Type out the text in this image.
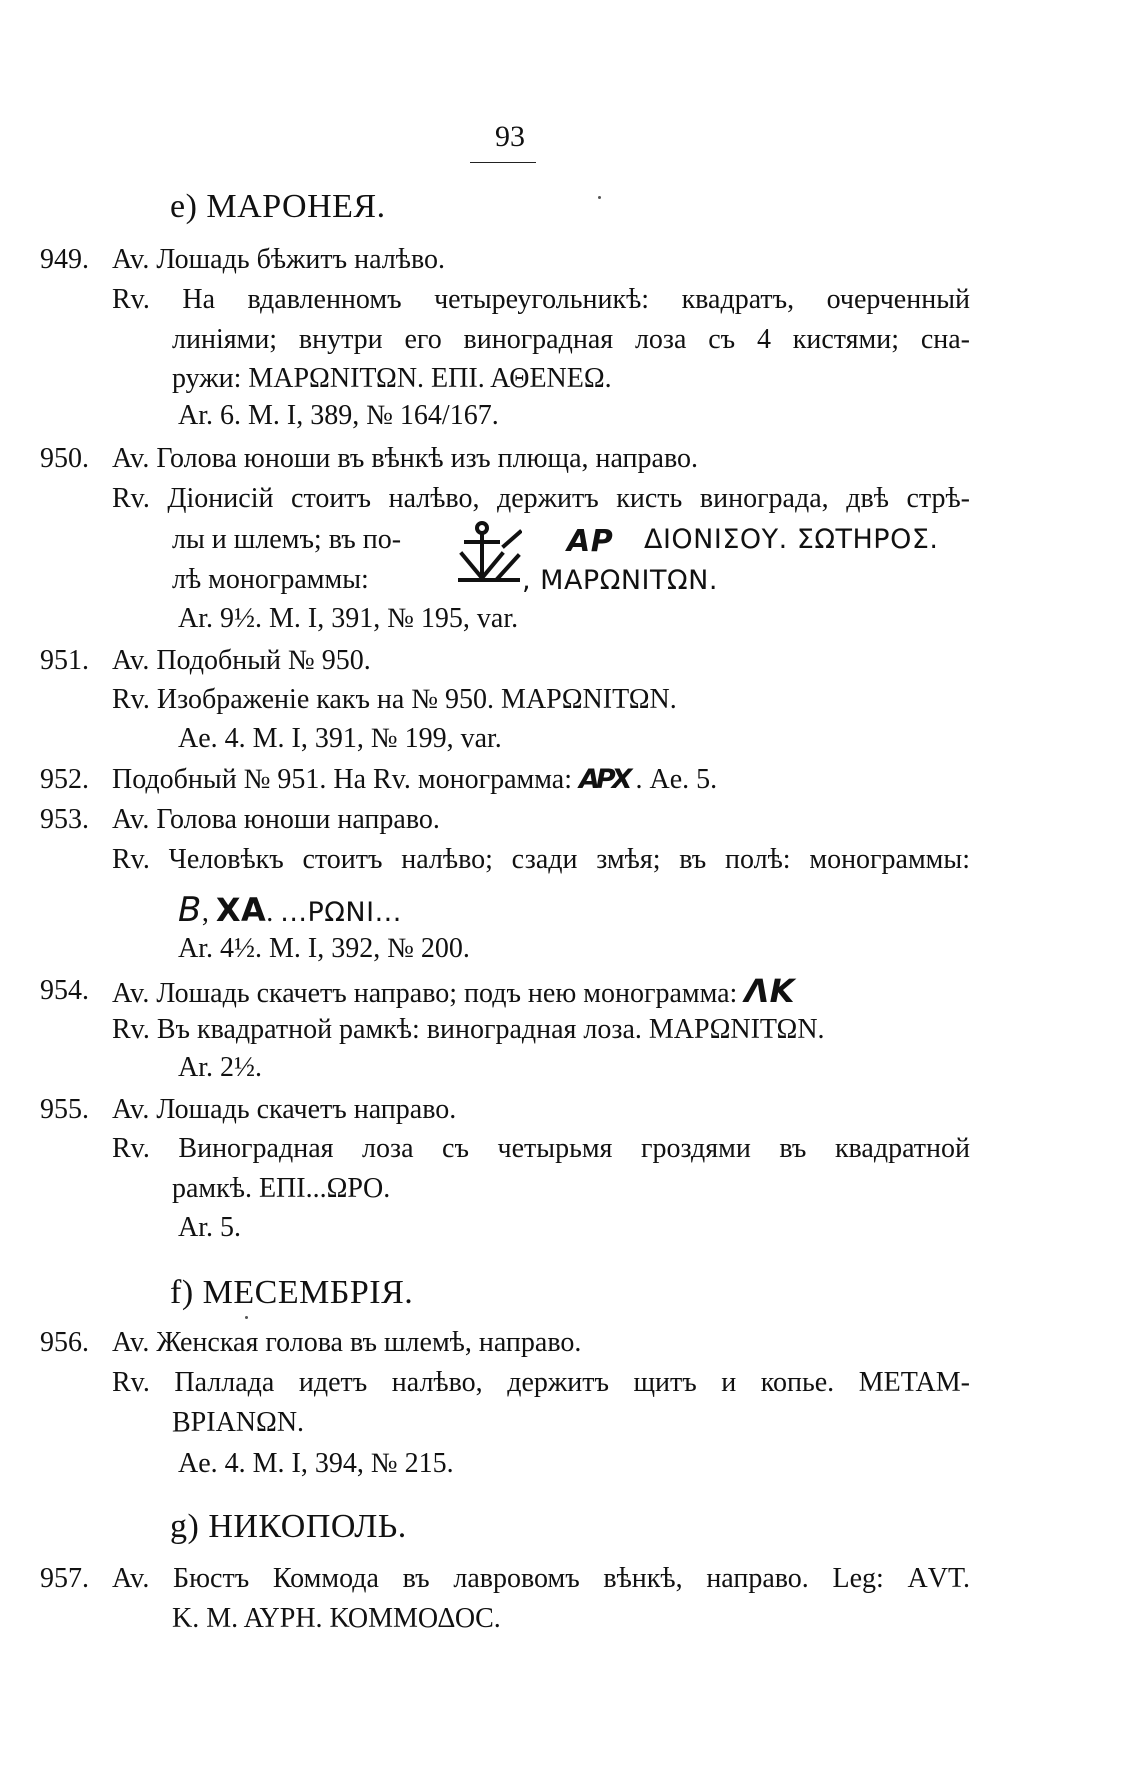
93
e) МАРОНЕЯ.
949. Av. Лошадь бѣжитъ налѣво.
Rv. На вдавленномъ четыреугольникѣ: квадратъ, очерченный
линіями; внутри его виноградная лоза съ 4 кистями; сна-
ружи: ΜΑΡΩΝΙΤΩΝ. ΕΠΙ. ΑΘΕΝΕΩ.
Ar. 6. M. I, 389, № 164/167.
950. Av. Голова юноши въ вѣнкѣ изъ плюща, направо.
Rv. Діонисій стоитъ налѣво, держитъ кисть винограда, двѣ стрѣ-
лы и шлемъ; въ по-	ΑΡ ΔΙΟΝΙΣΟΥ. ΣΩΤΗΡΟΣ.
ΣΩΤ
лѣ монограммы:	, ΜΑΡΩΝΙΤΩΝ.
Ar. 9½. M. I, 391, № 195, var.
951. Av. Подобный № 950.
Rv. Изображеніе какъ на № 950. ΜΑΡΩΝΙΤΩΝ.
Ae. 4. M. I, 391, № 199, var.
952. Подобный № 951. На Rv. монограмма: ΑΡΧ . Ae. 5.
953. Av. Голова юноши направо.
Rv. Человѣкъ стоитъ налѣво; сзади змѣя; въ полѣ: монограммы:
Β, ΧΑ. ...ΡΩΝΙ...
Ar. 4½. M. I, 392, № 200.
954. Av. Лошадь скачетъ направо; подъ нею монограмма: ΛΚ
Rv. Въ квадратной рамкѣ: виноградная лоза. ΜΑΡΩΝΙΤΩΝ.
Ar. 2½.
955. Av. Лошадь скачетъ направо.
Rv. Виноградная лоза съ четырьмя гроздями въ квадратной
рамкѣ. ΕΠΙ...ΩΡΟ.
Ar. 5.
f) МЕСЕМБРІЯ.
956. Av. Женская голова въ шлемѣ, направо.
Rv. Паллада идетъ налѣво, держитъ щитъ и копье. ΜΕΤΑΜ-
ΒΡΙΑΝΩΝ.
Ae. 4. M. I, 394, № 215.
g) НИКОПОЛЬ.
957. Av. Бюстъ Коммода въ лавровомъ вѣнкѣ, направо. Leg: ΑVΤ.
Κ. Μ. ΑΥΡΗ. ΚΟΜΜΟΔΟC.
